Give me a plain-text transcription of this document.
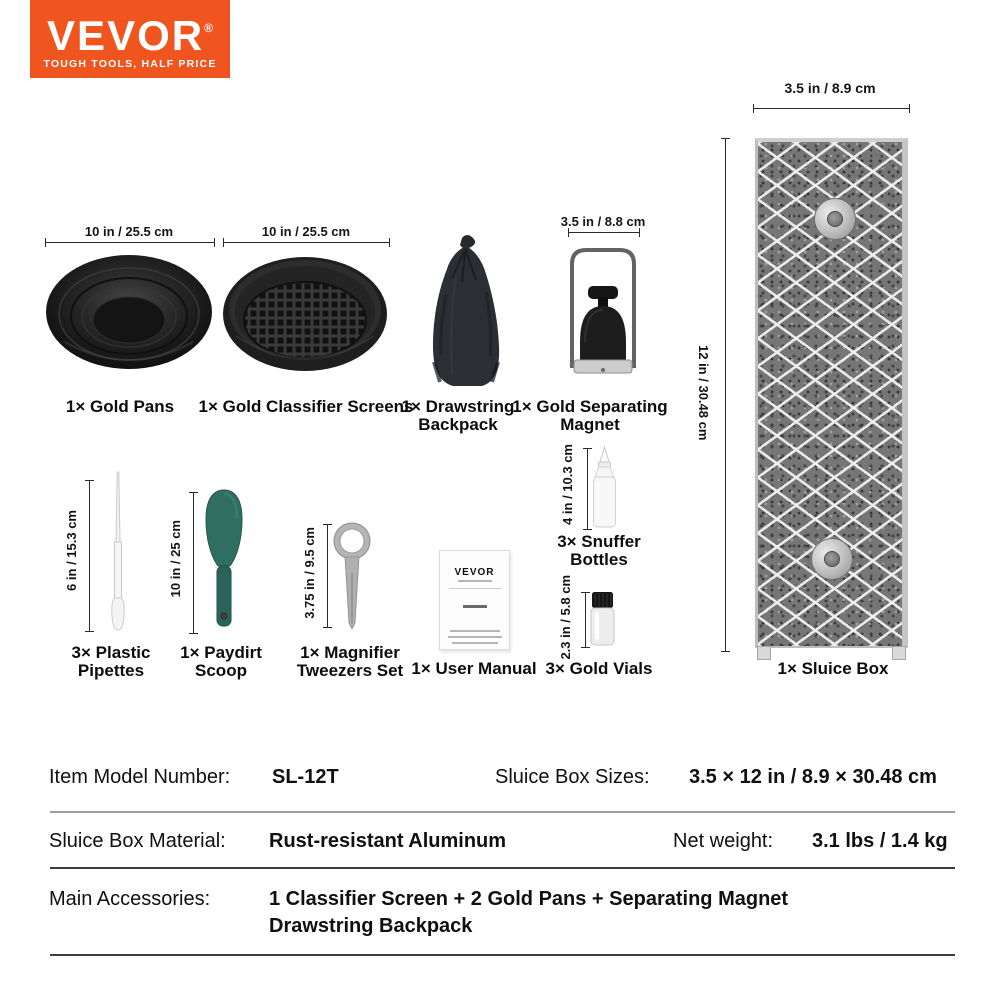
VEVOR®
TOUGH TOOLS, HALF PRICE
10 in / 25.5 cm
1× Gold Pans
10 in / 25.5 cm
1× Gold Classifier Screens
1× Drawstring
Backpack
3.5 in / 8.8 cm
1× Gold Separating
Magnet
3.5 in / 8.9 cm
12 in / 30.48 cm
1× Sluice Box
6 in / 15.3 cm
3× Plastic
Pipettes
10 in / 25 cm
1× Paydirt
Scoop
3.75 in / 9.5 cm
1× Magnifier
Tweezers Set
VEVOR
1× User Manual
4 in / 10.3 cm
3× Snuffer
Bottles
2.3 in / 5.8 cm
3× Gold Vials
Item Model Number: SL-12T	Sluice Box Sizes: 3.5 × 12 in / 8.9 × 30.48 cm
Sluice Box Material: Rust-resistant Aluminum	Net weight: 3.1 lbs / 1.4 kg
Main Accessories:	1 Classifier Screen + 2 Gold Pans + Separating Magnet
Drawstring Backpack
